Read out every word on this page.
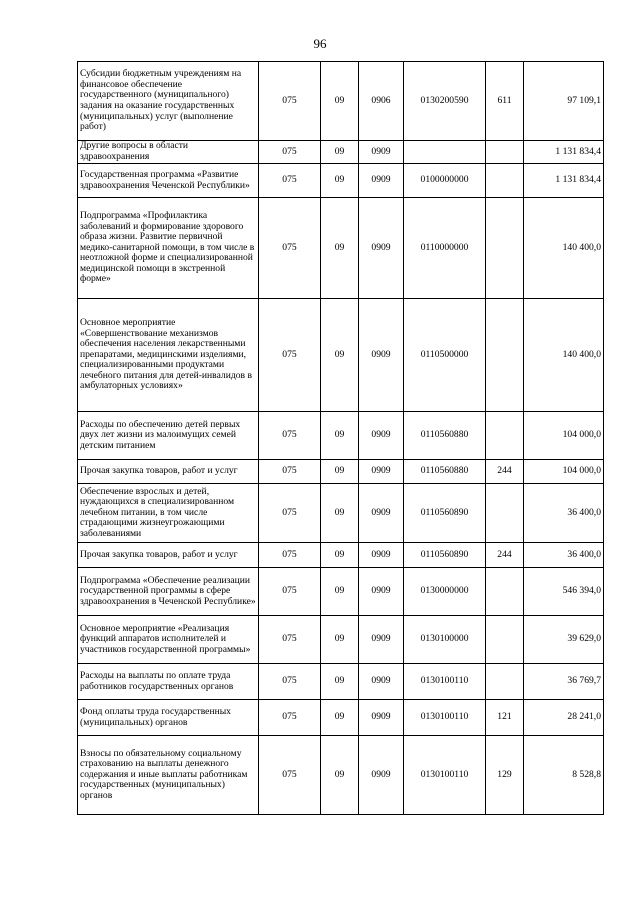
96
Субсидии бюджетным учреждениям на финансовое обеспечение государственного (муниципального) задания на оказание государственных (муниципальных) услуг (выполнение работ)	075	09	0906	0130200590	611	97 109,1
Другие вопросы в области здравоохранения	075	09	0909			1 131 834,4
Государственная программа «Развитие здравоохранения Чеченской Республики»	075	09	0909	0100000000		1 131 834,4
Подпрограмма «Профилактика заболеваний и формирование здорового образа жизни. Развитие первичной медико-санитарной помощи, в том числе в неотложной форме и специализированной медицинской помощи в экстренной форме»	075	09	0909	0110000000		140 400,0
Основное мероприятие «Совершенствование механизмов обеспечения населения лекарственными препаратами, медицинскими изделиями, специализированными продуктами лечебного питания для детей-инвалидов в амбулаторных условиях»	075	09	0909	0110500000		140 400,0
Расходы по обеспечению детей первых двух лет жизни из малоимущих семей детским питанием	075	09	0909	0110560880		104 000,0
Прочая закупка товаров, работ и услуг	075	09	0909	0110560880	244	104 000,0
Обеспечение взрослых и детей, нуждающихся в специализированном лечебном питании, в том числе страдающими жизнеугрожающими заболеваниями	075	09	0909	0110560890		36 400,0
Прочая закупка товаров, работ и услуг	075	09	0909	0110560890	244	36 400,0
Подпрограмма «Обеспечение реализации государственной программы в сфере здравоохранения в Чеченской Республике»	075	09	0909	0130000000		546 394,0
Основное мероприятие «Реализация функций аппаратов исполнителей и участников государственной программы»	075	09	0909	0130100000		39 629,0
Расходы на выплаты по оплате труда работников государственных органов	075	09	0909	0130100110		36 769,7
Фонд оплаты труда государственных (муниципальных) органов	075	09	0909	0130100110	121	28 241,0
Взносы по обязательному социальному страхованию на выплаты денежного содержания и иные выплаты работникам государственных (муниципальных) органов	075	09	0909	0130100110	129	8 528,8
